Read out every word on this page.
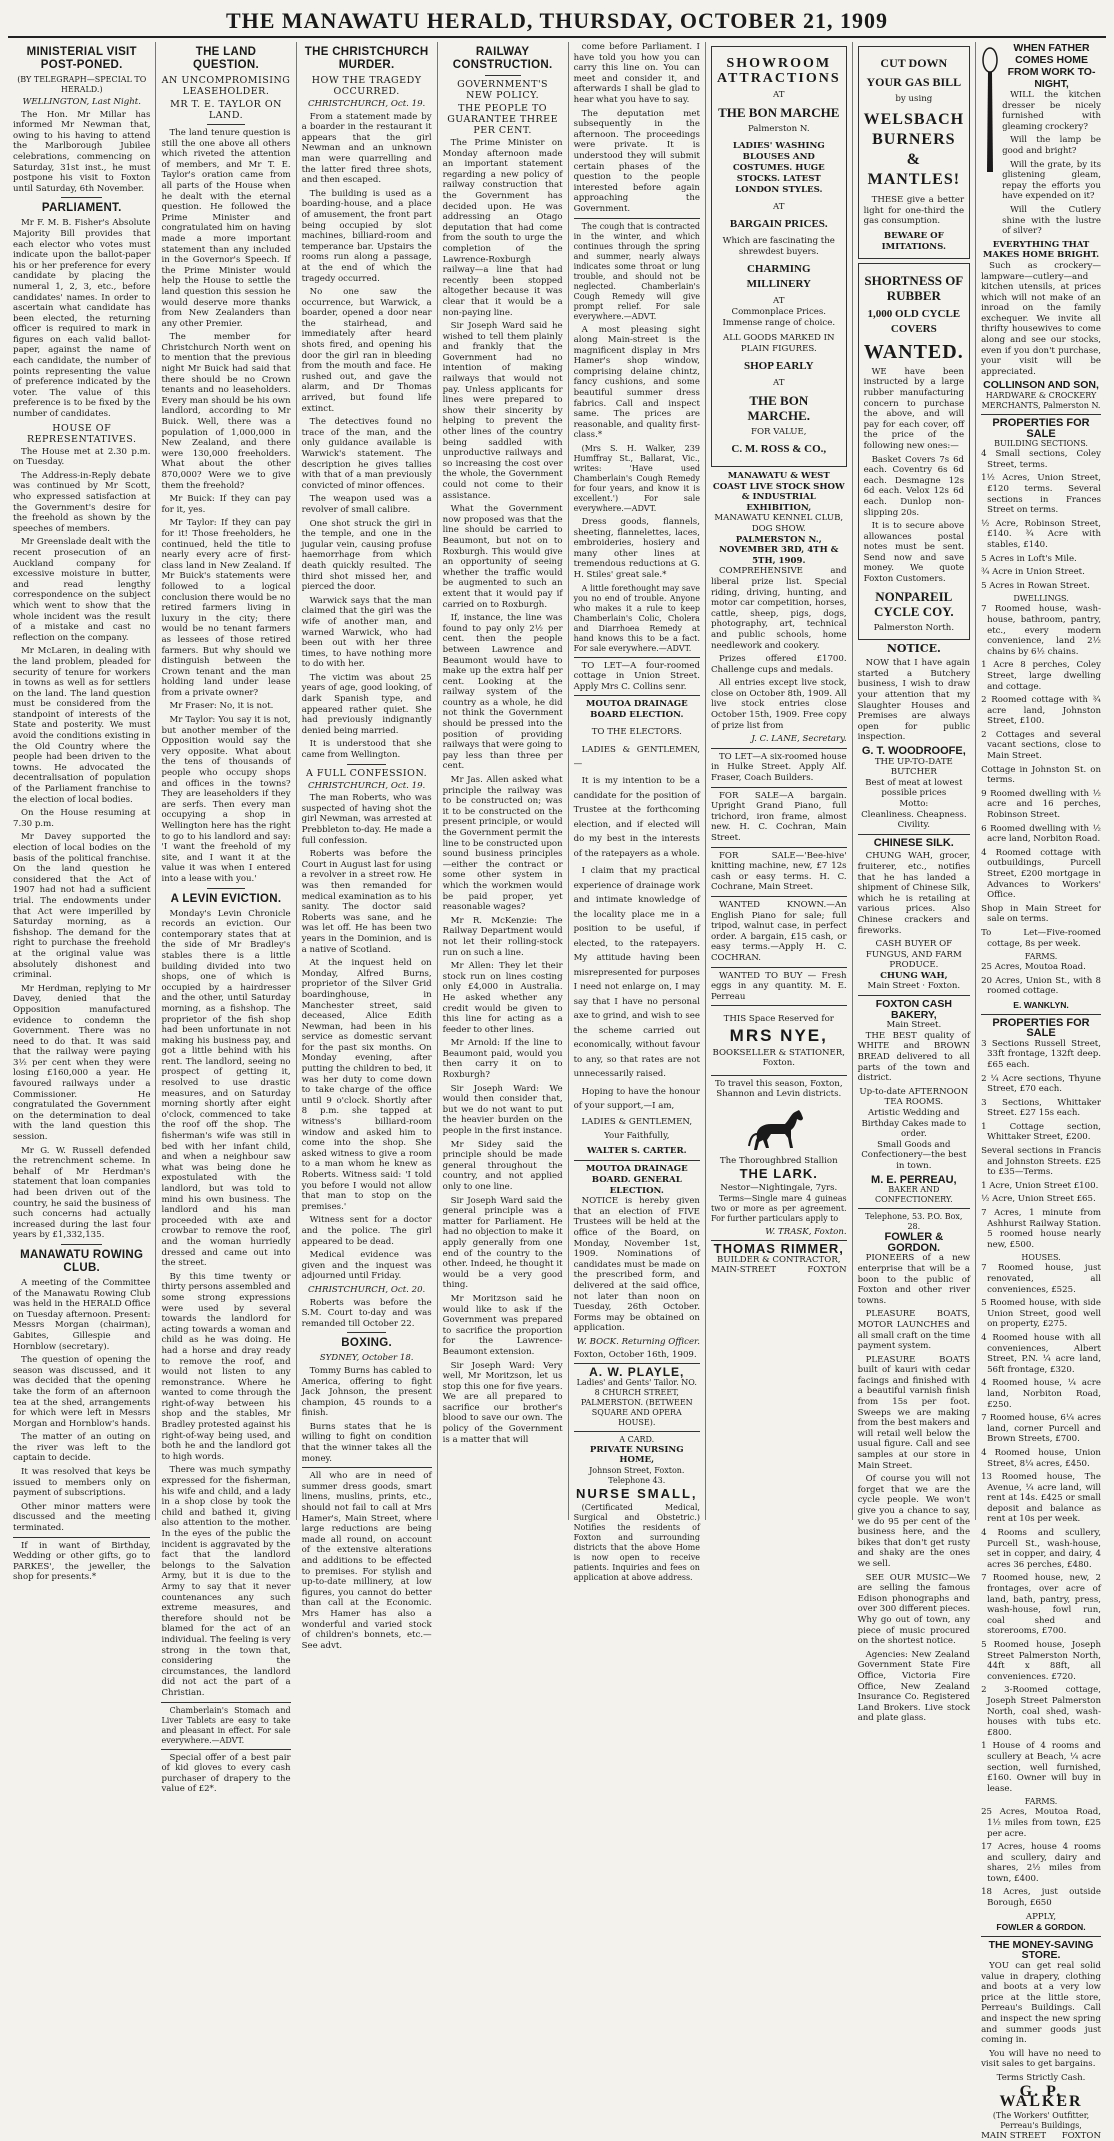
THE MANAWATU HERALD, THURSDAY, OCTOBER 21, 1909
MINISTERIAL VISIT POST-PONED.
(BY TELEGRAPH—SPECIAL TO HERALD.)
WELLINGTON, Last Night.

The Hon. Mr Millar has informed Mr Newman that, owing to his having to attend the Marlborough Jubilee celebrations, commencing on Saturday, 31st inst., he must postpone his visit to Foxton until Saturday, 6th November.

PARLIAMENT.

Mr F. M. B. Fisher's Absolute Majority Bill provides that each elector who votes must indicate upon the ballot-paper his or her preference for every candidate by placing the numeral 1, 2, 3, etc., before candidates' names. In order to ascertain what candidate has been elected, the returning officer is required to mark in figures on each valid ballot-paper, against the name of each candidate, the number of points representing the value of preference indicated by the voter. The value of this preference is to be fixed by the number of candidates.

HOUSE OF REPRESENTATIVES.

The House met at 2.30 p.m. on Tuesday.

The Address-in-Reply debate was continued by Mr Scott, who expressed satisfaction at the Government's desire for the freehold as shown by the speeches of members.

Mr Greenslade dealt with the recent prosecution of an Auckland company for excessive moisture in butter, and read lengthy correspondence on the subject which went to show that the whole incident was the result of a mistake and cast no reflection on the company.

Mr McLaren, in dealing with the land problem, pleaded for security of tenure for workers in towns as well as for settlers on the land. The land question must be considered from the standpoint of interests of the State and posterity. We must avoid the conditions existing in the Old Country where the people had been driven to the towns. He advocated the decentralisation of population of the Parliament franchise to the election of local bodies.

On the House resuming at 7.30 p.m.

Mr Davey supported the election of local bodies on the basis of the political franchise. On the land question he considered that the Act of 1907 had not had a sufficient trial. The endowments under that Act were imperilled by Saturday morning, as a fishshop. The demand for the right to purchase the freehold at the original value was absolutely dishonest and criminal.

Mr Herdman, replying to Mr Davey, denied that the Opposition manufactured evidence to condemn the Government. There was no need to do that. It was said that the railway were paying 3½ per cent when they were losing £160,000 a year. He favoured railways under a Commissioner. He congratulated the Government on the determination to deal with the land question this session.

Mr G. W. Russell defended the retrenchment scheme. In behalf of Mr Herdman's statement that loan companies had been driven out of the country, he said the business of such concerns had actually increased during the last four years by £1,332,135.

MANAWATU ROWING CLUB.

A meeting of the Committee of the Manawatu Rowing Club was held in the HERALD Office on Tuesday afternoon. Present: Messrs Morgan (chairman), Gabites, Gillespie and Hornblow (secretary).

The question of opening the season was discussed, and it was decided that the opening take the form of an afternoon tea at the shed, arrangements for which were left in Messrs Morgan and Hornblow's hands.

The matter of an outing on the river was left to the captain to decide.

It was resolved that keys be issued to members only on payment of subscriptions.

Other minor matters were discussed and the meeting terminated.

If in want of Birthday, Wedding or other gifts, go to PARKES', the jeweller, the shop for presents.*

THE LAND QUESTION.
AN UNCOMPROMISING LEASEHOLDER.
MR T. E. TAYLOR ON LAND.

The land tenure question is still the one above all others which riveted the attention of members, and Mr T. E. Taylor's oration came from all parts of the House when he dealt with the eternal question. He followed the Prime Minister and congratulated him on having made a more important statement than any included in the Governor's Speech. If the Prime Minister would help the House to settle the land question this session he would deserve more thanks from New Zealanders than any other Premier.

The member for Christchurch North went on to mention that the previous night Mr Buick had said that there should be no Crown tenants and no leaseholders. Every man should be his own landlord, according to Mr Buick. Well, there was a population of 1,000,000 in New Zealand, and there were 130,000 freeholders. What about the other 870,000? Were we to give them the freehold?

Mr Buick: If they can pay for it, yes.

Mr Taylor: If they can pay for it! Those freeholders, he continued, held the title to nearly every acre of first-class land in New Zealand. If Mr Buick's statements were followed to a logical conclusion there would be no retired farmers living in luxury in the city; there would be no tenant farmers as lessees of those retired farmers. But why should we distinguish between the Crown tenant and the man holding land under lease from a private owner?

Mr Fraser: No, it is not.

Mr Taylor: You say it is not, but another member of the Opposition would say the very opposite. What about the tens of thousands of people who occupy shops and offices in the towns? They are leaseholders if they are serfs. Then every man occupying a shop in Wellington here has the right to go to his landlord and say: 'I want the freehold of my site, and I want it at the value it was when I entered into a lease with you.'

A LEVIN EVICTION.

Monday's Levin Chronicle records an eviction. Our contemporary states that at the side of Mr Bradley's stables there is a little building divided into two shops, one of which is occupied by a hairdresser and the other, until Saturday morning, as a fishshop. The proprietor of the fish shop had been unfortunate in not making his business pay, and got a little behind with his rent. The landlord, seeing no prospect of getting it, resolved to use drastic measures, and on Saturday morning shortly after eight o'clock, commenced to take the roof off the shop. The fisherman's wife was still in bed with her infant child, and when a neighbour saw what was being done he expostulated with the landlord, but was told to mind his own business. The landlord and his man proceeded with axe and crowbar to remove the roof, and the woman hurriedly dressed and came out into the street.

By this time twenty or thirty persons assembled and some strong expressions were used by several towards the landlord for acting towards a woman and child as he was doing. He had a horse and dray ready to remove the roof, and would not listen to any remonstrance. Where he wanted to come through the right-of-way between his shop and the stables, Mr Bradley protested against his right-of-way being used, and both he and the landlord got to high words.

There was much sympathy expressed for the fisherman, his wife and child, and a lady in a shop close by took the child and bathed it, giving also attention to the mother. In the eyes of the public the incident is aggravated by the fact that the landlord belongs to the Salvation Army, but it is due to the Army to say that it never countenances any such extreme measures, and therefore should not be blamed for the act of an individual. The feeling is very strong in the town that, considering the circumstances, the landlord did not act the part of a Christian.

Chamberlain's Stomach and Liver Tablets are easy to take and pleasant in effect. For sale everywhere.—ADVT.

Special offer of a best pair of kid gloves to every cash purchaser of drapery to the value of £2*.

THE CHRISTCHURCH MURDER.
HOW THE TRAGEDY OCCURRED.
CHRISTCHURCH, Oct. 19.

From a statement made by a boarder in the restaurant it appears that the girl Newman and an unknown man were quarrelling and the latter fired three shots, and then escaped.

The building is used as a boarding-house, and a place of amusement, the front part being occupied by slot machines, billiard-room and temperance bar. Upstairs the rooms run along a passage, at the end of which the tragedy occurred.

No one saw the occurrence, but Warwick, a boarder, opened a door near the stairhead, and immediately after heard shots fired, and opening his door the girl ran in bleeding from the mouth and face. He rushed out, and gave the alarm, and Dr Thomas arrived, but found life extinct.

The detectives found no trace of the man, and the only guidance available is Warwick's statement. The description he gives tallies with that of a man previously convicted of minor offences.

The weapon used was a revolver of small calibre.

One shot struck the girl in the temple, and one in the jugular vein, causing profuse haemorrhage from which death quickly resulted. The third shot missed her, and pierced the door.

Warwick says that the man claimed that the girl was the wife of another man, and warned Warwick, who had been out with her three times, to have nothing more to do with her.

The victim was about 25 years of age, good looking, of dark Spanish type, and appeared rather quiet. She had previously indignantly denied being married.

It is understood that she came from Wellington.

A FULL CONFESSION.
CHRISTCHURCH, Oct. 19.

The man Roberts, who was suspected of having shot the girl Newman, was arrested at Prebbleton to-day. He made a full confession.

Roberts was before the Court in August last for using a revolver in a street row. He was then remanded for medical examination as to his sanity. The doctor said Roberts was sane, and he was let off. He has been two years in the Dominion, and is a native of Scotland.

At the inquest held on Monday, Alfred Burns, proprietor of the Silver Grid boardinghouse, in Manchester street, said deceased, Alice Edith Newman, had been in his service as domestic servant for the past six months. On Monday evening, after putting the children to bed, it was her duty to come down to take charge of the office until 9 o'clock. Shortly after 8 p.m. she tapped at witness's billiard-room window and asked him to come into the shop. She asked witness to give a room to a man whom he knew as Roberts. Witness said: 'I told you before I would not allow that man to stop on the premises.'

Witness sent for a doctor and the police. The girl appeared to be dead.

Medical evidence was given and the inquest was adjourned until Friday.

CHRISTCHURCH, Oct. 20.

Roberts was before the S.M. Court to-day and was remanded till October 22.

BOXING.
SYDNEY, October 18.

Tommy Burns has cabled to America, offering to fight Jack Johnson, the present champion, 45 rounds to a finish.

Burns states that he is willing to fight on condition that the winner takes all the money.

All who are in need of summer dress goods, smart linens, muslins, prints, etc., should not fail to call at Mrs Hamer's, Main Street, where large reductions are being made all round, on account of the extensive alterations and additions to be effected to premises. For stylish and up-to-date millinery, at low figures, you cannot do better than call at the Economic. Mrs Hamer has also a wonderful and varied stock of children's bonnets, etc.—See advt.

RAILWAY CONSTRUCTION.
GOVERNMENT'S NEW POLICY.
THE PEOPLE TO GUARANTEE THREE PER CENT.

The Prime Minister on Monday afternoon made an important statement regarding a new policy of railway construction that the Government has decided upon. He was addressing an Otago deputation that had come from the south to urge the completion of the Lawrence-Roxburgh railway—a line that had recently been stopped altogether because it was clear that it would be a non-paying line.

Sir Joseph Ward said he wished to tell them plainly and frankly that the Government had no intention of making railways that would not pay. Unless applicants for lines were prepared to show their sincerity by helping to prevent the other lines of the country being saddled with unproductive railways and so increasing the cost over the whole, the Government could not come to their assistance.

What the Government now proposed was that the line should be carried to Beaumont, but not on to Roxburgh. This would give an opportunity of seeing whether the traffic would be augmented to such an extent that it would pay if carried on to Roxburgh.

If, instance, the line was found to pay only 2½ per cent. then the people between Lawrence and Beaumont would have to make up the extra half per cent. Looking at the railway system of the country as a whole, he did not think the Government should be pressed into the position of providing railways that were going to pay less than three per cent.

Mr Jas. Allen asked what principle the railway was to be constructed on; was it to be constructed on the present principle, or would the Government permit the line to be constructed upon sound business principles—either the contract or some other system in which the workmen would be paid proper, yet reasonable wages?

Mr R. McKenzie: The Railway Department would not let their rolling-stock run on such a line.

Mr Allen: They let their stock run on lines costing only £4,000 in Australia. He asked whether any credit would be given to this line for acting as a feeder to other lines.

Mr Arnold: If the line to Beaumont paid, would you then carry it on to Roxburgh?

Sir Joseph Ward: We would then consider that, but we do not want to put the heavier burden on the people in the first instance.

Mr Sidey said the principle should be made general throughout the country, and not applied only to one line.

Sir Joseph Ward said the general principle was a matter for Parliament. He had no objection to make it apply generally from one end of the country to the other. Indeed, he thought it would be a very good thing.

Mr Moritzson said he would like to ask if the Government was prepared to sacrifice the proportion for the Lawrence-Beaumont extension.

Sir Joseph Ward: Very well, Mr Moritzson, let us stop this one for five years. We are all prepared to sacrifice our brother's blood to save our own. The policy of the Government is a matter that will

come before Parliament. I have told you how you can carry this line on. You can meet and consider it, and afterwards I shall be glad to hear what you have to say.

The deputation met subsequently in the afternoon. The proceedings were private. It is understood they will submit certain phases of the question to the people interested before again approaching the Government.

The cough that is contracted in the winter, and which continues through the spring and summer, nearly always indicates some throat or lung trouble, and should not be neglected. Chamberlain's Cough Remedy will give prompt relief. For sale everywhere.—ADVT.

A most pleasing sight along Main-street is the magnificent display in Mrs Hamer's shop window, comprising delaine chintz, fancy cushions, and some beautiful summer dress fabrics. Call and inspect same. The prices are reasonable, and quality first-class.*

(Mrs S. H. Walker, 239 Humffray St., Ballarat, Vic., writes: 'Have used Chamberlain's Cough Remedy for four years, and know it is excellent.') For sale everywhere.—ADVT.

Dress goods, flannels, sheeting, flannelettes, laces, embroideries, hosiery and many other lines at tremendous reductions at G. H. Stiles' great sale.*

A little forethought may save you no end of trouble. Anyone who makes it a rule to keep Chamberlain's Colic, Cholera and Diarrhoea Remedy at hand knows this to be a fact. For sale everywhere.—ADVT.

TO LET—A four-roomed cottage in Union Street. Apply Mrs C. Collins senr.

MOUTOA DRAINAGE BOARD ELECTION.
TO THE ELECTORS.

LADIES & GENTLEMEN,—

It is my intention to be a candidate for the position of Trustee at the forthcoming election, and if elected will do my best in the interests of the ratepayers as a whole.

I claim that my practical experience of drainage work and intimate knowledge of the locality place me in a position to be useful, if elected, to the ratepayers. My attitude having been misrepresented for purposes I need not enlarge on, I may say that I have no personal axe to grind, and wish to see the scheme carried out economically, without favour to any, so that rates are not unnecessarily raised.

Hoping to have the honour of your support,—I am,

LADIES & GENTLEMEN,
Your Faithfully,
WALTER S. CARTER.
MOUTOA DRAINAGE BOARD. GENERAL ELECTION.

NOTICE is hereby given that an election of FIVE Trustees will be held at the office of the Board, on Monday, November 1st, 1909. Nominations of candidates must be made on the prescribed form, and delivered at the said office, not later than noon on Tuesday, 26th October. Forms may be obtained on application.

W. BOCK. Returning Officer.
Foxton, October 16th, 1909.
A. W. PLAYLE,
Ladies' and Gents' Tailor. NO. 8 CHURCH STREET, PALMERSTON. (BETWEEN SQUARE AND OPERA HOUSE).
A CARD.
PRIVATE NURSING HOME,
Johnson Street, Foxton. Telephone 43.
NURSE SMALL,

(Certificated Medical, Surgical and Obstetric.) Notifies the residents of Foxton and surrounding districts that the above Home is now open to receive patients. Inquiries and fees on application at above address.

SHOWROOM ATTRACTIONS
AT
THE BON MARCHE
Palmerston N.
LADIES' WASHING BLOUSES AND COSTUMES. HUGE STOCKS. LATEST LONDON STYLES.
AT
BARGAIN PRICES.
Which are fascinating the shrewdest buyers.
CHARMING MILLINERY
AT
Commonplace Prices. Immense range of choice.
ALL GOODS MARKED IN PLAIN FIGURES.
SHOP EARLY
AT
THE BON MARCHE.
FOR VALUE,
C. M. ROSS & CO.,
MANAWATU & WEST COAST LIVE STOCK SHOW & INDUSTRIAL EXHIBITION,
MANAWATU KENNEL CLUB, DOG SHOW.
PALMERSTON N., NOVEMBER 3RD, 4TH & 5TH, 1909.

COMPREHENSIVE and liberal prize list. Special riding, driving, hunting, and motor car competition, horses, cattle, sheep, pigs, dogs, photography, art, technical and public schools, home needlework and cookery.

Prizes offered £1700. Challenge cups and medals.

All entries except live stock, close on October 8th, 1909. All live stock entries close October 15th, 1909. Free copy of prize list from

J. C. LANE, Secretary.

TO LET—A six-roomed house in Hulke Street. Apply Alf. Fraser, Coach Builders.

FOR SALE—A bargain. Upright Grand Piano, full trichord, iron frame, almost new. H. C. Cochran, Main Street.

FOR SALE—'Bee-hive' knitting machine, new, £7 12s cash or easy terms. H. C. Cochrane, Main Street.

WANTED KNOWN.—An English Piano for sale; full tripod, walnut case, in perfect order. A bargain, £15 cash, or easy terms.—Apply H. C. COCHRAN.

WANTED TO BUY — Fresh eggs in any quantity. M. E. Perreau

THIS Space Reserved for
MRS NYE,
BOOKSELLER & STATIONER,
Foxton.

To travel this season, Foxton, Shannon and Levin districts.

The Thoroughbred Stallion
THE LARK.
Nestor—Nightingale, 7yrs.

Terms—Single mare 4 guineas two or more as per agreement. For further particulars apply to

W. TRASK, Foxton.
THOMAS RIMMER,
BUILDER & CONTRACTOR,
MAIN-STREET	FOXTON
CUT DOWN
YOUR GAS BILL
by using
WELSBACH BURNERS & MANTLES!

THESE give a better light for one-third the gas consumption.

BEWARE OF IMITATIONS.
SHORTNESS OF RUBBER
1,000 OLD CYCLE COVERS
WANTED.

WE have been instructed by a large rubber manufacturing concern to purchase the above, and will pay for each cover, off the price of the following new ones:—

Basket Covers 7s 6d each. Coventry 6s 6d each. Desmagne 12s 6d each. Velox 12s 6d each. Dunlop non-slipping 20s.

It is to secure above allowances postal notes must be sent. Send now and save money. We quote Foxton Customers.

NONPAREIL CYCLE COY.
Palmerston North.
NOTICE.

NOW that I have again started a Butchery business, I wish to draw your attention that my Slaughter Houses and Premises are always open for public inspection.

G. T. WOODROOFE,
THE UP-TO-DATE BUTCHER
Best of meat at lowest possible prices
Motto:
Cleanliness. Cheapness. Civility.
CHINESE SILK.

CHUNG WAH, grocer, fruiterer, etc., notifies that he has landed a shipment of Chinese Silk, which he is retailing at various prices. Also Chinese crackers and fireworks.

CASH BUYER OF FUNGUS, AND FARM PRODUCE.
CHUNG WAH,
Main Street · Foxton.
FOXTON CASH BAKERY,
Main Street.

THE BEST quality of WHITE and BROWN BREAD delivered to all parts of the town and district.

Up-to-date AFTERNOON TEA ROOMS.
Artistic Wedding and Birthday Cakes made to order.
Small Goods and Confectionery—the best in town.
M. E. PERREAU,
BAKER AND CONFECTIONERY.
Telephone, 53. P.O. Box, 28.
FOWLER & GORDON.

PIONEERS of a new enterprise that will be a boon to the public of Foxton and other river towns.

PLEASURE BOATS, MOTOR LAUNCHES and all small craft on the time payment system.

PLEASURE BOATS built of kauri with cedar facings and finished with a beautiful varnish finish from 15s per foot. Sweeps we are making from the best makers and will retail well below the usual figure. Call and see samples at our store in Main Street.

Of course you will not forget that we are the cycle people. We won't give you a chance to say, we do 95 per cent of the business here, and the bikes that don't get rusty and shaky are the ones we sell.

SEE OUR MUSIC—We are selling the famous Edison phonographs and over 300 different pieces. Why go out of town, any piece of music procured on the shortest notice.

Agencies: New Zealand Government State Fire Office, Victoria Fire Office, New Zealand Insurance Co. Registered Land Brokers. Live stock and plate glass.

WHEN FATHER COMES HOME FROM WORK TO-NIGHT,

WILL the kitchen dresser be nicely furnished with gleaming crockery?

Will the lamp be good and bright?

Will the grate, by its glistening gleam, repay the efforts you have expended on it?

Will the Cutlery shine with the lustre of silver?

EVERYTHING THAT MAKES HOME BRIGHT.

Such as crockery—lampware—cutlery—and kitchen utensils, at prices which will not make of an inroad on the family exchequer. We invite all thrifty housewives to come along and see our stocks, even if you don't purchase, your visit will be appreciated.

COLLINSON AND SON,
HARDWARE & CROCKERY MERCHANTS, Palmerston N.
PROPERTIES FOR SALE
BUILDING SECTIONS.
4 Small sections, Coley Street, terms.
1½ Acres, Union Street, £120 terms. Several sections in Frances Street on terms.
½ Acre, Robinson Street, £140. ¾ Acre with stables, £140.
5 Acres in Loft's Mile.
¾ Acre in Union Street.
5 Acres in Rowan Street.
DWELLINGS.
7 Roomed house, wash-house, bathroom, pantry, etc., every modern convenience, land 2½ chains by 6½ chains.
1 Acre 8 perches, Coley Street, large dwelling and cottage.
2 Roomed cottage with ¾ acre land, Johnston Street, £100.
2 Cottages and several vacant sections, close to Main Street.
Cottage in Johnston St. on terms.
9 Roomed dwelling with ½ acre and 16 perches, Robinson Street.
6 Roomed dwelling with ½ acre land, Norbiton Road.
4 Roomed cottage with outbuildings, Purcell Street, £200 mortgage in Advances to Workers' Office.
Shop in Main Street for sale on terms.
To Let—Five-roomed cottage, 8s per week.
FARMS.
25 Acres, Moutoa Road.
20 Acres, Union St., with 8 roomed cottage.
E. WANKLYN.
PROPERTIES FOR SALE
3 Sections Russell Street, 33ft frontage, 132ft deep. £65 each.
2 ¼ Acre sections, Thyune Street, £70 each.
3 Sections, Whittaker Street. £27 15s each.
1 Cottage section, Whittaker Street, £200.
Several sections in Francis and Johnston Streets. £25 to £35—Terms.
1 Acre, Union Street £100.
½ Acre, Union Street £65.
7 Acres, 1 minute from Ashhurst Railway Station. 5 roomed house nearly new, £500.
HOUSES.
7 Roomed house, just renovated, all conveniences, £525.
5 Roomed house, with side Union Street, good well on property, £275.
4 Roomed house with all conveniences, Albert Street, P.N. ¼ acre land, 56ft frontage, £320.
4 Roomed house, ¼ acre land, Norbiton Road, £250.
7 Roomed house, 6¼ acres land, corner Purcell and Brown Streets, £700.
4 Roomed house, Union Street, 8¼ acres, £450.
13 Roomed house, The Avenue, ¼ acre land, will rent at 14s. £425 or small deposit and balance as rent at 10s per week.
4 Rooms and scullery, Purcell St., wash-house, set in copper, and dairy, 4 acres 36 perches, £480.
7 Roomed house, new, 2 frontages, over acre of land, bath, pantry, press, wash-house, fowl run, coal shed and storerooms, £700.
5 Roomed house, Joseph Street Palmerston North, 44ft x 88ft, all conveniences. £720.
2 3-Roomed cottage, Joseph Street Palmerston North, coal shed, wash-houses with tubs etc. £800.
1 House of 4 rooms and scullery at Beach, ¼ acre section, well furnished, £160. Owner will buy in lease.
FARMS.
25 Acres, Moutoa Road, 1½ miles from town, £25 per acre.
17 Acres, house 4 rooms and scullery, dairy and shares, 2½ miles from town, £400.
18 Acres, just outside Borough, £650
APPLY,
FOWLER & GORDON.
THE MONEY-SAVING STORE.

YOU can get real solid value in drapery, clothing and boots at a very low price at the little store, Perreau's Buildings. Call and inspect the new spring and summer goods just coming in.

You will have no need to visit sales to get bargains.

Terms Strictly Cash.
G. P. WALKER
(The Workers' Outfitter,
Perreau's Buildings,
MAIN STREET FOXTON
